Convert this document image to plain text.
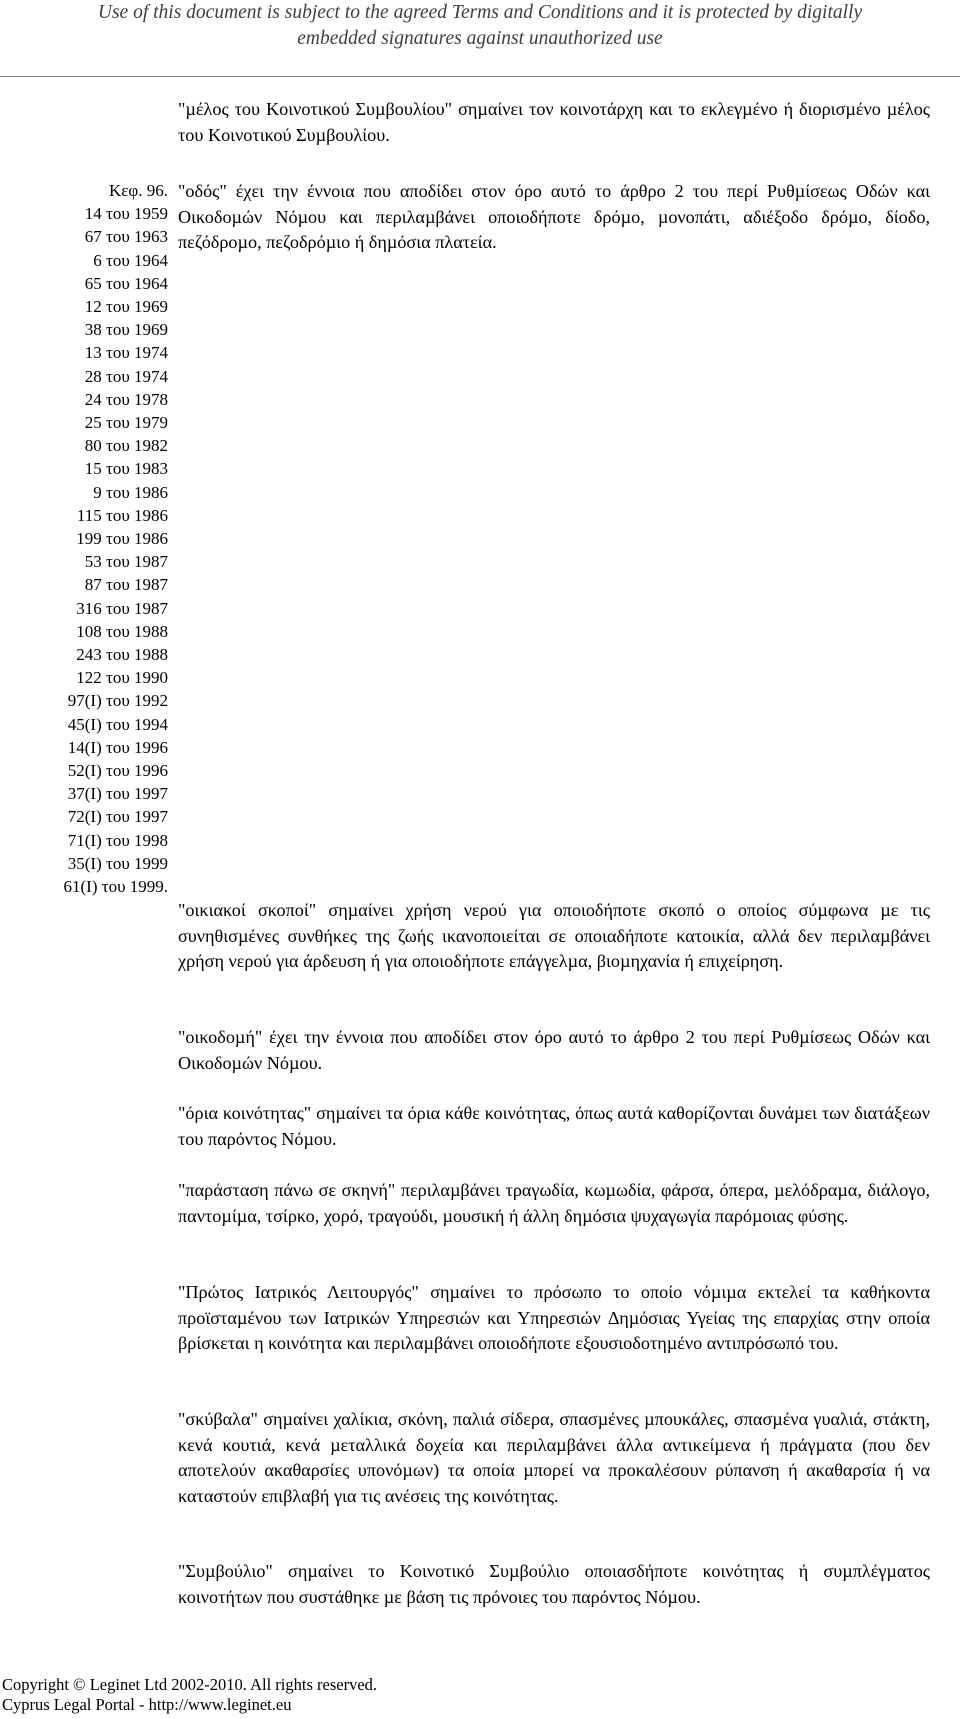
Use of this document is subject to the agreed Terms and Conditions and it is protected by digitally
embedded signatures against unauthorized use

"µέλος του Κοινοτικού Συµβουλίου" σηµαίνει τον κοινοτάρχη και το εκλεγµένο ή διορισµένο µέλος του Κοινοτικού Συµβουλίου.

Κεφ. 96.
14 του 1959
67 του 1963
6 του 1964
65 του 1964
12 του 1969
38 του 1969
13 του 1974
28 του 1974
24 του 1978
25 του 1979
80 του 1982
15 του 1983
9 του 1986
115 του 1986
199 του 1986
53 του 1987
87 του 1987
316 του 1987
108 του 1988
243 του 1988
122 του 1990
97(Ι) του 1992
45(Ι) του 1994
14(Ι) του 1996
52(Ι) του 1996
37(Ι) του 1997
72(Ι) του 1997
71(Ι) του 1998
35(Ι) του 1999
61(Ι) του 1999.

"οδός" έχει την έννοια που αποδίδει στον όρο αυτό το άρθρο 2 του περί Ρυθµίσεως Οδών και Οικοδοµών Νόµου και περιλαµβάνει οποιοδήποτε δρόµο, µονοπάτι, αδιέξοδο δρόµο, δίοδο, πεζόδροµο, πεζοδρόµιο ή δηµόσια πλατεία.

"οικιακοί σκοποί" σηµαίνει χρήση νερού για οποιοδήποτε σκοπό ο οποίος σύµφωνα µε τις συνηθισµένες συνθήκες της ζωής ικανοποιείται σε οποιαδήποτε κατοικία, αλλά δεν περιλαµβάνει χρήση νερού για άρδευση ή για οποιοδήποτε επάγγελµα, βιοµηχανία ή επιχείρηση.

"οικοδοµή" έχει την έννοια που αποδίδει στον όρο αυτό το άρθρο 2 του περί Ρυθµίσεως Οδών και Οικοδοµών Νόµου.

"όρια κοινότητας" σηµαίνει τα όρια κάθε κοινότητας, όπως αυτά καθορίζονται δυνάµει των διατάξεων του παρόντος Νόµου.

"παράσταση πάνω σε σκηνή" περιλαµβάνει τραγωδία, κωµωδία, φάρσα, όπερα, µελόδραµα, διάλογο, παντοµίµα, τσίρκο, χορό, τραγούδι, µουσική ή άλλη δηµόσια ψυχαγωγία παρόµοιας φύσης.

"Πρώτος Ιατρικός Λειτουργός" σηµαίνει το πρόσωπο το οποίο νόµιµα εκτελεί τα καθήκοντα προϊσταµένου των Ιατρικών Υπηρεσιών και Υπηρεσιών ∆ηµόσιας Υγείας της επαρχίας στην οποία βρίσκεται η κοινότητα και περιλαµβάνει οποιοδήποτε εξουσιοδοτηµένο αντιπρόσωπό του.

"σκύβαλα" σηµαίνει χαλίκια, σκόνη, παλιά σίδερα, σπασµένες µπουκάλες, σπασµένα γυαλιά, στάκτη, κενά κουτιά, κενά µεταλλικά δοχεία και περιλαµβάνει άλλα αντικείµενα ή πράγµατα (που δεν αποτελούν ακαθαρσίες υπονόµων) τα οποία µπορεί να προκαλέσουν ρύπανση ή ακαθαρσία ή να καταστούν επιβλαβή για τις ανέσεις της κοινότητας.

"Συµβούλιο" σηµαίνει το Κοινοτικό Συµβούλιο οποιασδήποτε κοινότητας ή συµπλέγµατος κοινοτήτων που συστάθηκε µε βάση τις πρόνοιες του παρόντος Νόµου.

Copyright © Leginet Ltd 2002-2010. All rights reserved.
Cyprus Legal Portal - http://www.leginet.eu
